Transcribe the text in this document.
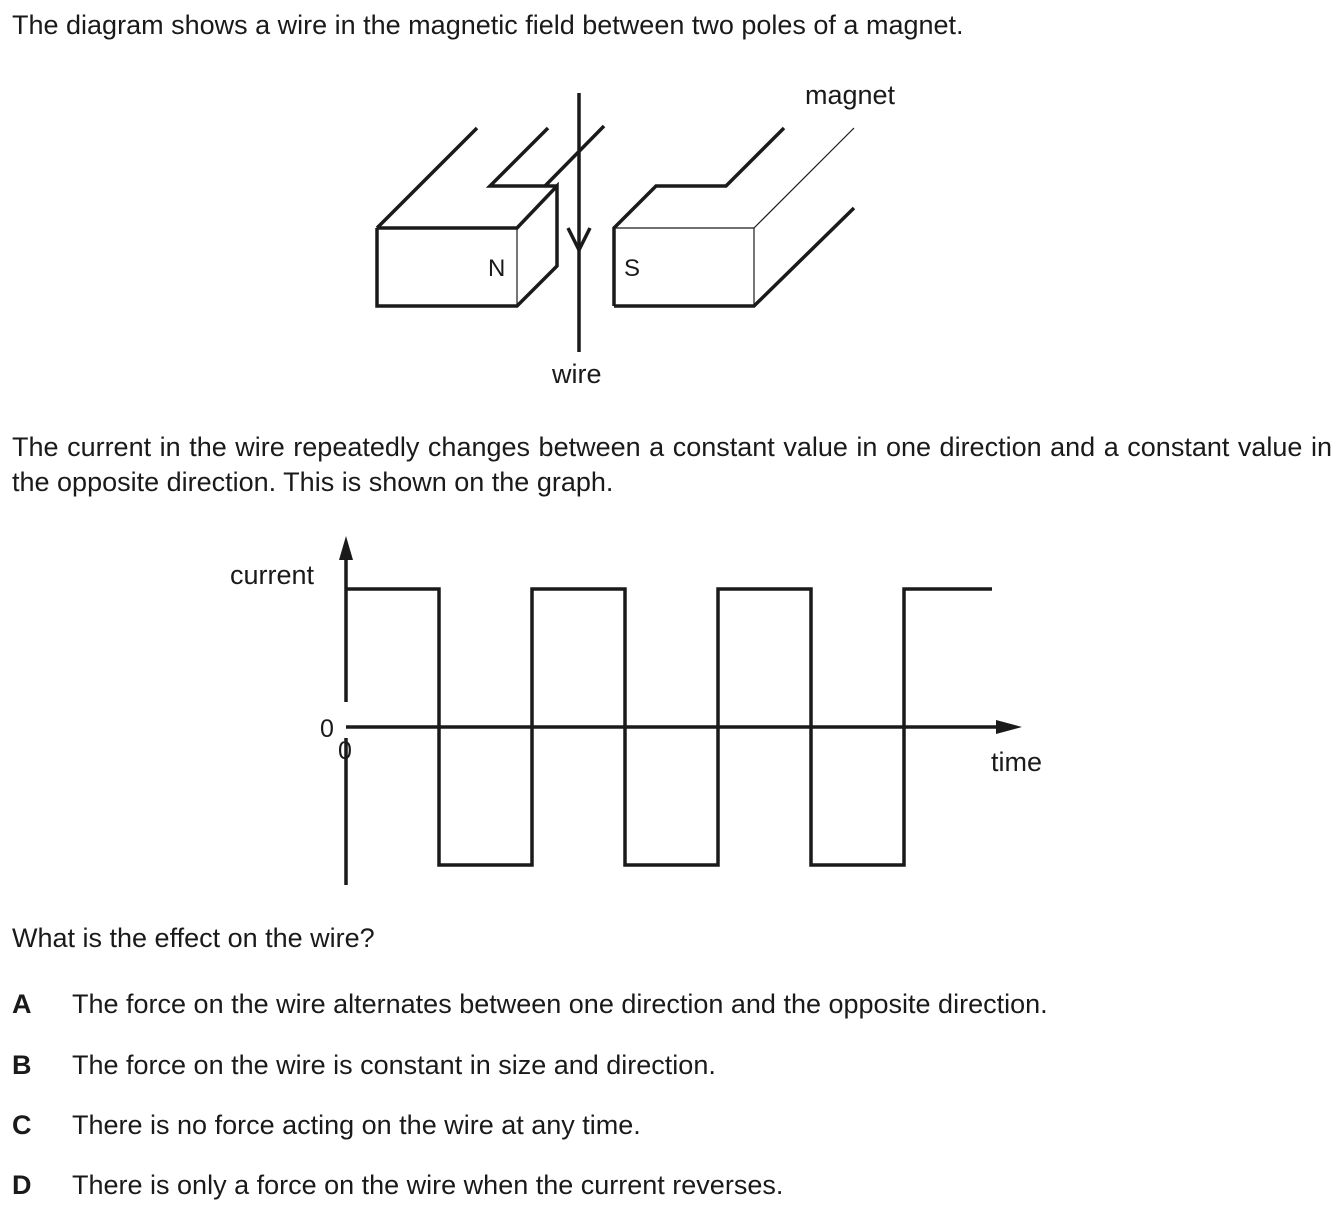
The diagram shows a wire in the magnetic field between two poles of a magnet.
magnet
N	S
wire
The current in the wire repeatedly changes between a constant value in one direction and a constant value in the opposite direction. This is shown on the graph.
current
0
0	time
What is the effect on the wire?
A The force on the wire alternates between one direction and the opposite direction.
B The force on the wire is constant in size and direction.
C There is no force acting on the wire at any time.
D There is only a force on the wire when the current reverses.
